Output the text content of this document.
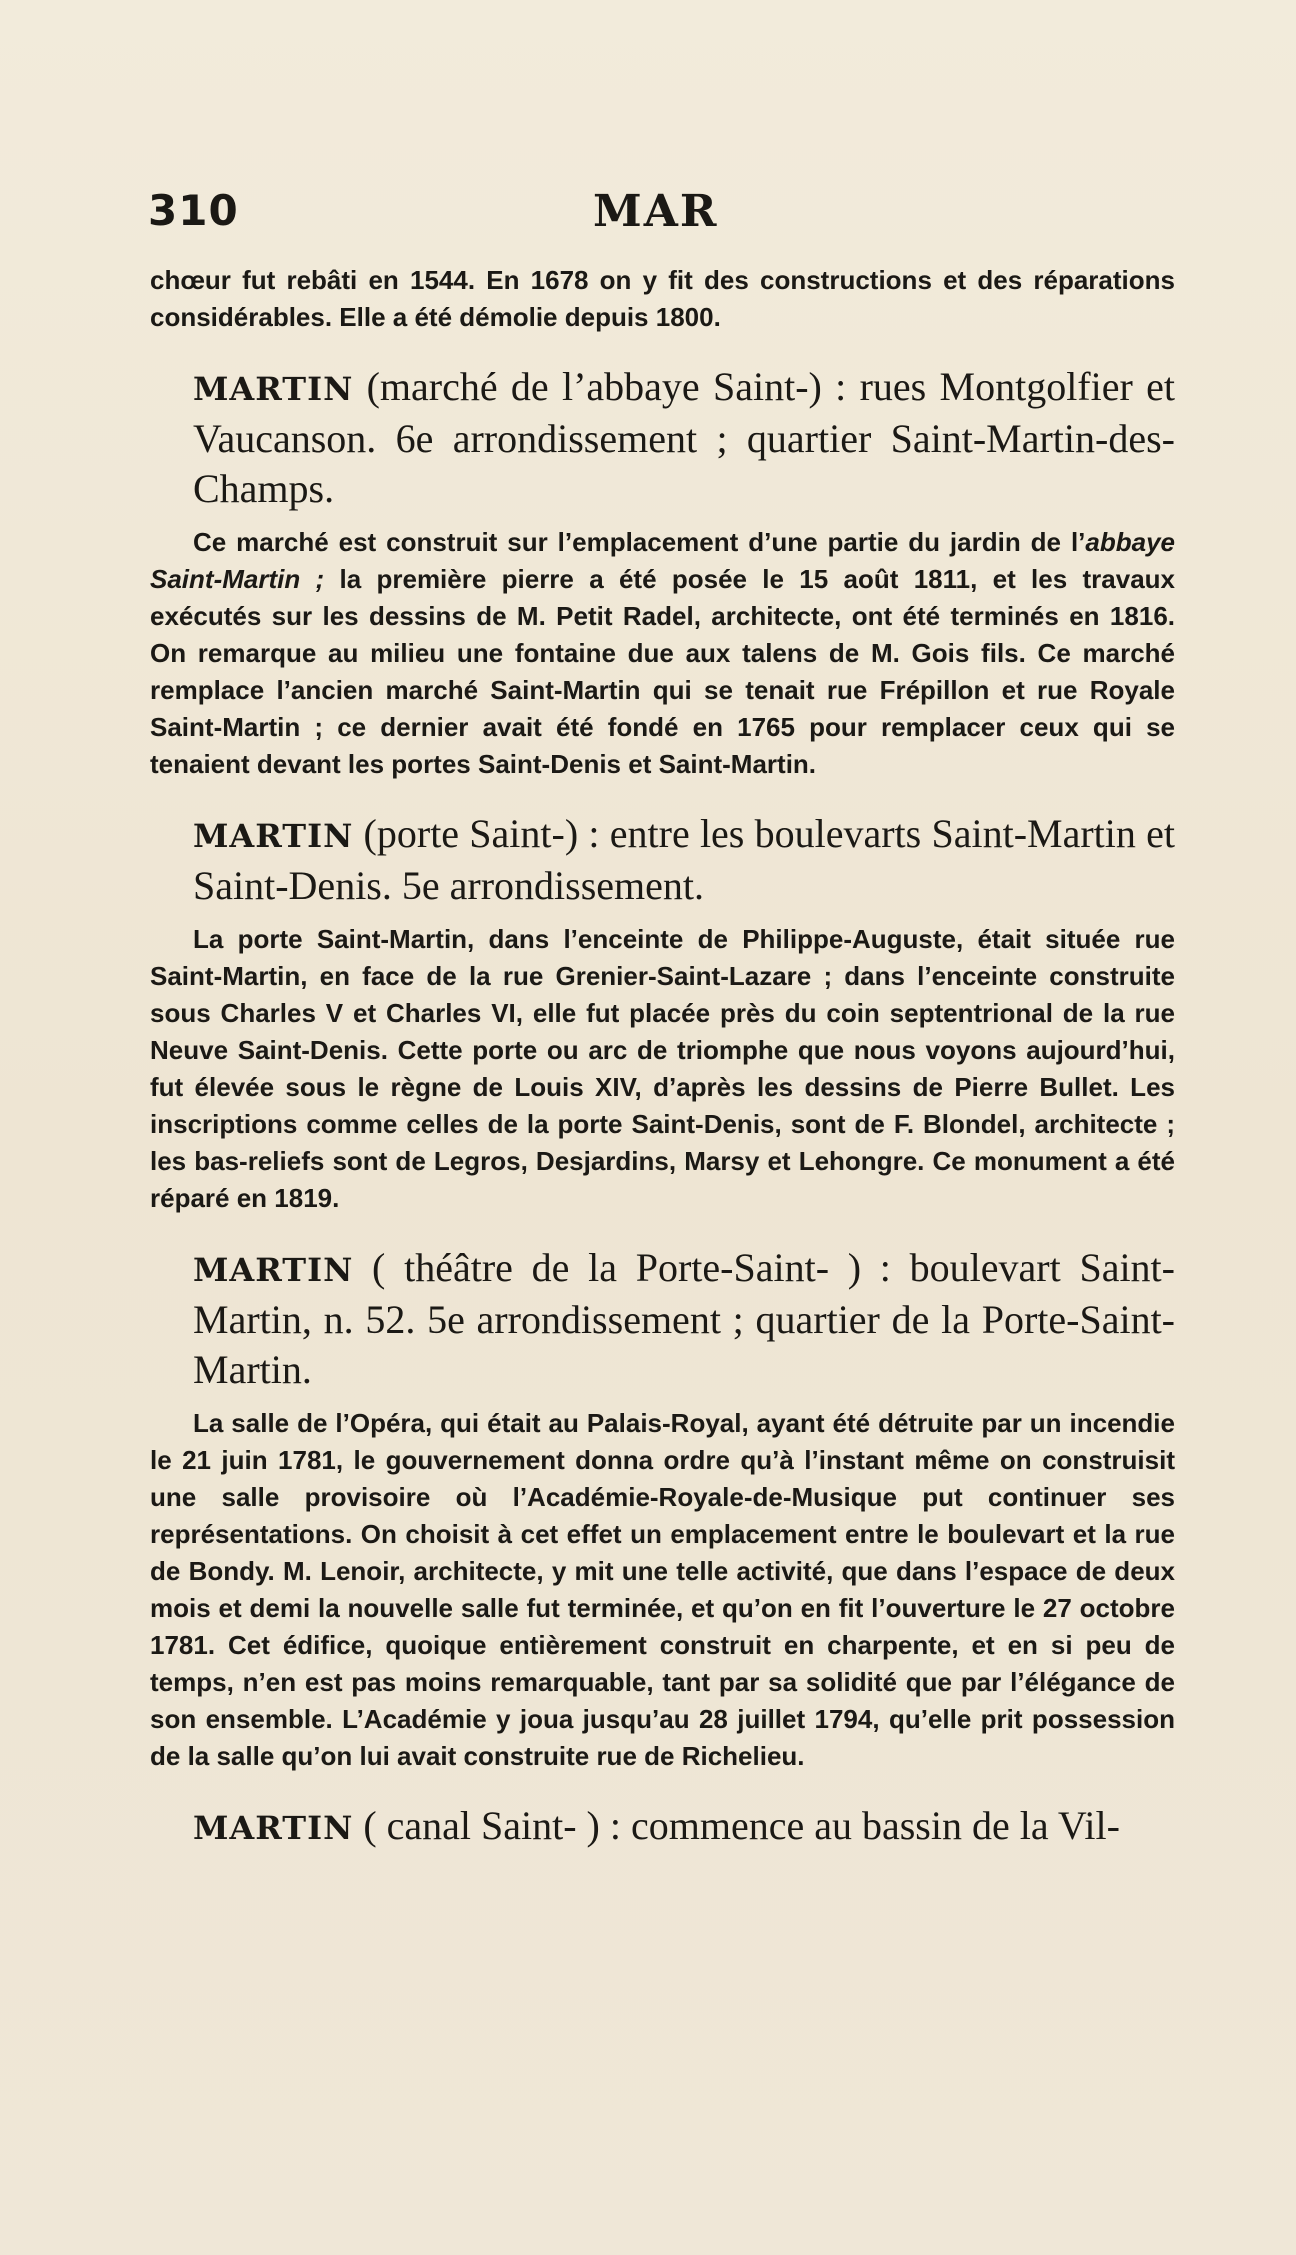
310	MAR

chœur fut rebâti en 1544. En 1678 on y fit des constructions et des réparations considérables. Elle a été démolie depuis 1800.

MARTIN (marché de l’abbaye Saint-) : rues Montgolfier et Vaucanson. 6e arrondissement ; quartier Saint-Martin-des-Champs.

Ce marché est construit sur l’emplacement d’une partie du jardin de l’abbaye Saint-Martin ; la première pierre a été posée le 15 août 1811, et les travaux exécutés sur les dessins de M. Petit Radel, architecte, ont été terminés en 1816. On remarque au milieu une fontaine due aux talens de M. Gois fils. Ce marché remplace l’ancien marché Saint-Martin qui se tenait rue Frépillon et rue Royale Saint-Martin ; ce dernier avait été fondé en 1765 pour remplacer ceux qui se tenaient devant les portes Saint-Denis et Saint-Martin.

MARTIN (porte Saint-) : entre les boulevarts Saint-Martin et Saint-Denis. 5e arrondissement.

La porte Saint-Martin, dans l’enceinte de Philippe-Auguste, était située rue Saint-Martin, en face de la rue Grenier-Saint-Lazare ; dans l’enceinte construite sous Charles V et Charles VI, elle fut placée près du coin septentrional de la rue Neuve Saint-Denis. Cette porte ou arc de triomphe que nous voyons aujourd’hui, fut élevée sous le règne de Louis XIV, d’après les dessins de Pierre Bullet. Les inscriptions comme celles de la porte Saint-Denis, sont de F. Blondel, architecte ; les bas-reliefs sont de Legros, Desjardins, Marsy et Lehongre. Ce monument a été réparé en 1819.

MARTIN ( théâtre de la Porte-Saint- ) : boulevart Saint-Martin, n. 52. 5e arrondissement ; quartier de la Porte-Saint-Martin.

La salle de l’Opéra, qui était au Palais-Royal, ayant été détruite par un incendie le 21 juin 1781, le gouvernement donna ordre qu’à l’instant même on construisit une salle provisoire où l’Académie-Royale-de-Musique put continuer ses représentations. On choisit à cet effet un emplacement entre le boulevart et la rue de Bondy. M. Lenoir, architecte, y mit une telle activité, que dans l’espace de deux mois et demi la nouvelle salle fut terminée, et qu’on en fit l’ouverture le 27 octobre 1781. Cet édifice, quoique entièrement construit en charpente, et en si peu de temps, n’en est pas moins remarquable, tant par sa solidité que par l’élégance de son ensemble. L’Académie y joua jusqu’au 28 juillet 1794, qu’elle prit possession de la salle qu’on lui avait construite rue de Richelieu.

MARTIN ( canal Saint- ) : commence au bassin de la Vil-
